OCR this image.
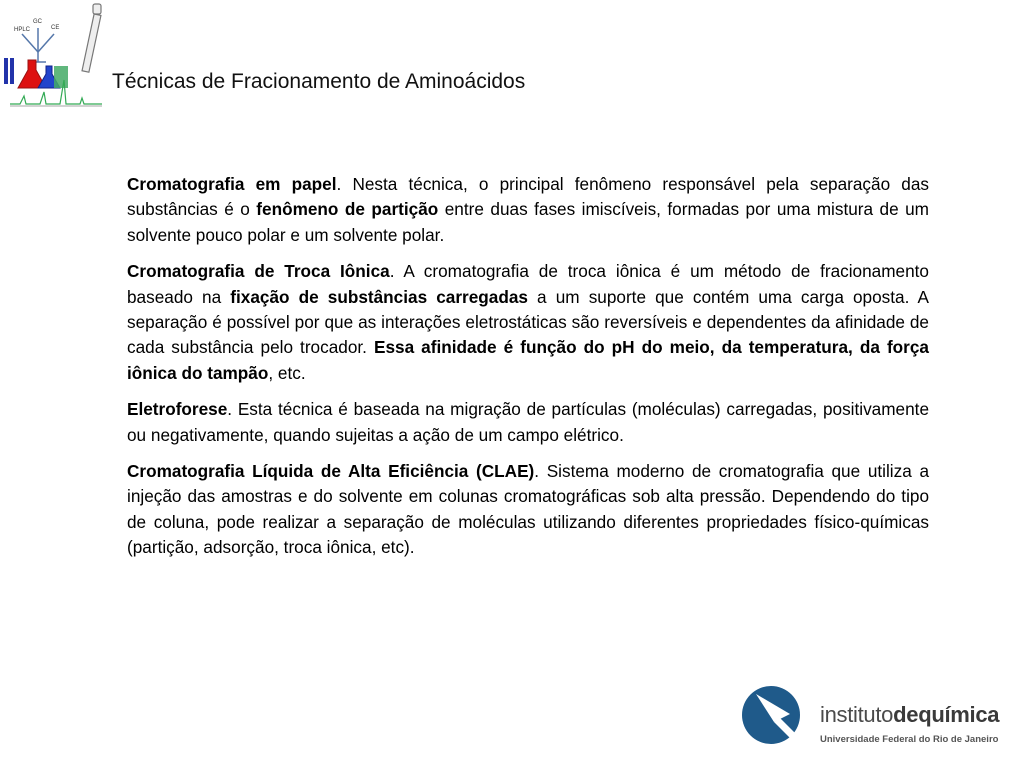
HPLC
GC
CE
Técnicas de Fracionamento de Aminoácidos

Cromatografia em papel. Nesta técnica, o principal fenômeno responsável pela separação das substâncias é o fenômeno de partição entre duas fases imiscíveis, formadas por uma mistura de um solvente pouco polar e um solvente polar.

Cromatografia de Troca Iônica. A cromatografia de troca iônica é um método de fracionamento baseado na fixação de substâncias carregadas a um suporte que contém uma carga oposta. A separação é possível por que as interações eletrostáticas são reversíveis e dependentes da afinidade de cada substância pelo trocador. Essa afinidade é função do pH do meio, da temperatura, da força iônica do tampão, etc.

Eletroforese. Esta técnica é baseada na migração de partículas (moléculas) carregadas, positivamente ou negativamente, quando sujeitas a ação de um campo elétrico.

Cromatografia Líquida de Alta Eficiência (CLAE). Sistema moderno de cromatografia que utiliza a injeção das amostras e do solvente em colunas cromatográficas sob alta pressão. Dependendo do tipo de coluna, pode realizar a separação de moléculas utilizando diferentes propriedades físico-químicas (partição, adsorção, troca iônica, etc).

institutodequímica
Universidade Federal do Rio de Janeiro
